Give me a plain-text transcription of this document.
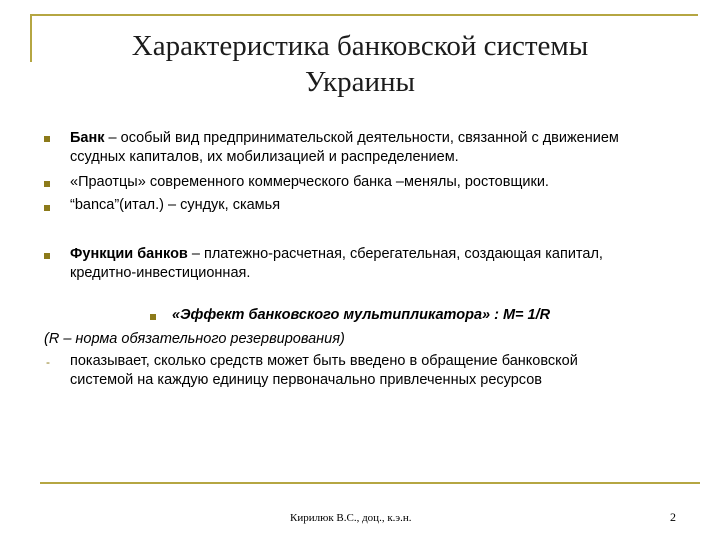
Характеристика банковской системы
Украины
Банк – особый вид предпринимательской деятельности, связанной с движением
ссудных капиталов, их мобилизацией и распределением.
«Праотцы» современного коммерческого банка –менялы, ростовщики.
“banca”(итал.) – сундук, скамья
Функции банков – платежно-расчетная, сберегательная, создающая капитал,
кредитно-инвестиционная.
«Эффект банковского мультипликатора» : М= 1/R
(R – норма обязательного резервирования)
- показывает, сколько средств может быть введено в обращение банковской
системой на каждую единицу первоначально привлеченных ресурсов
Кирилюк В.С., доц., к.э.н.	2
